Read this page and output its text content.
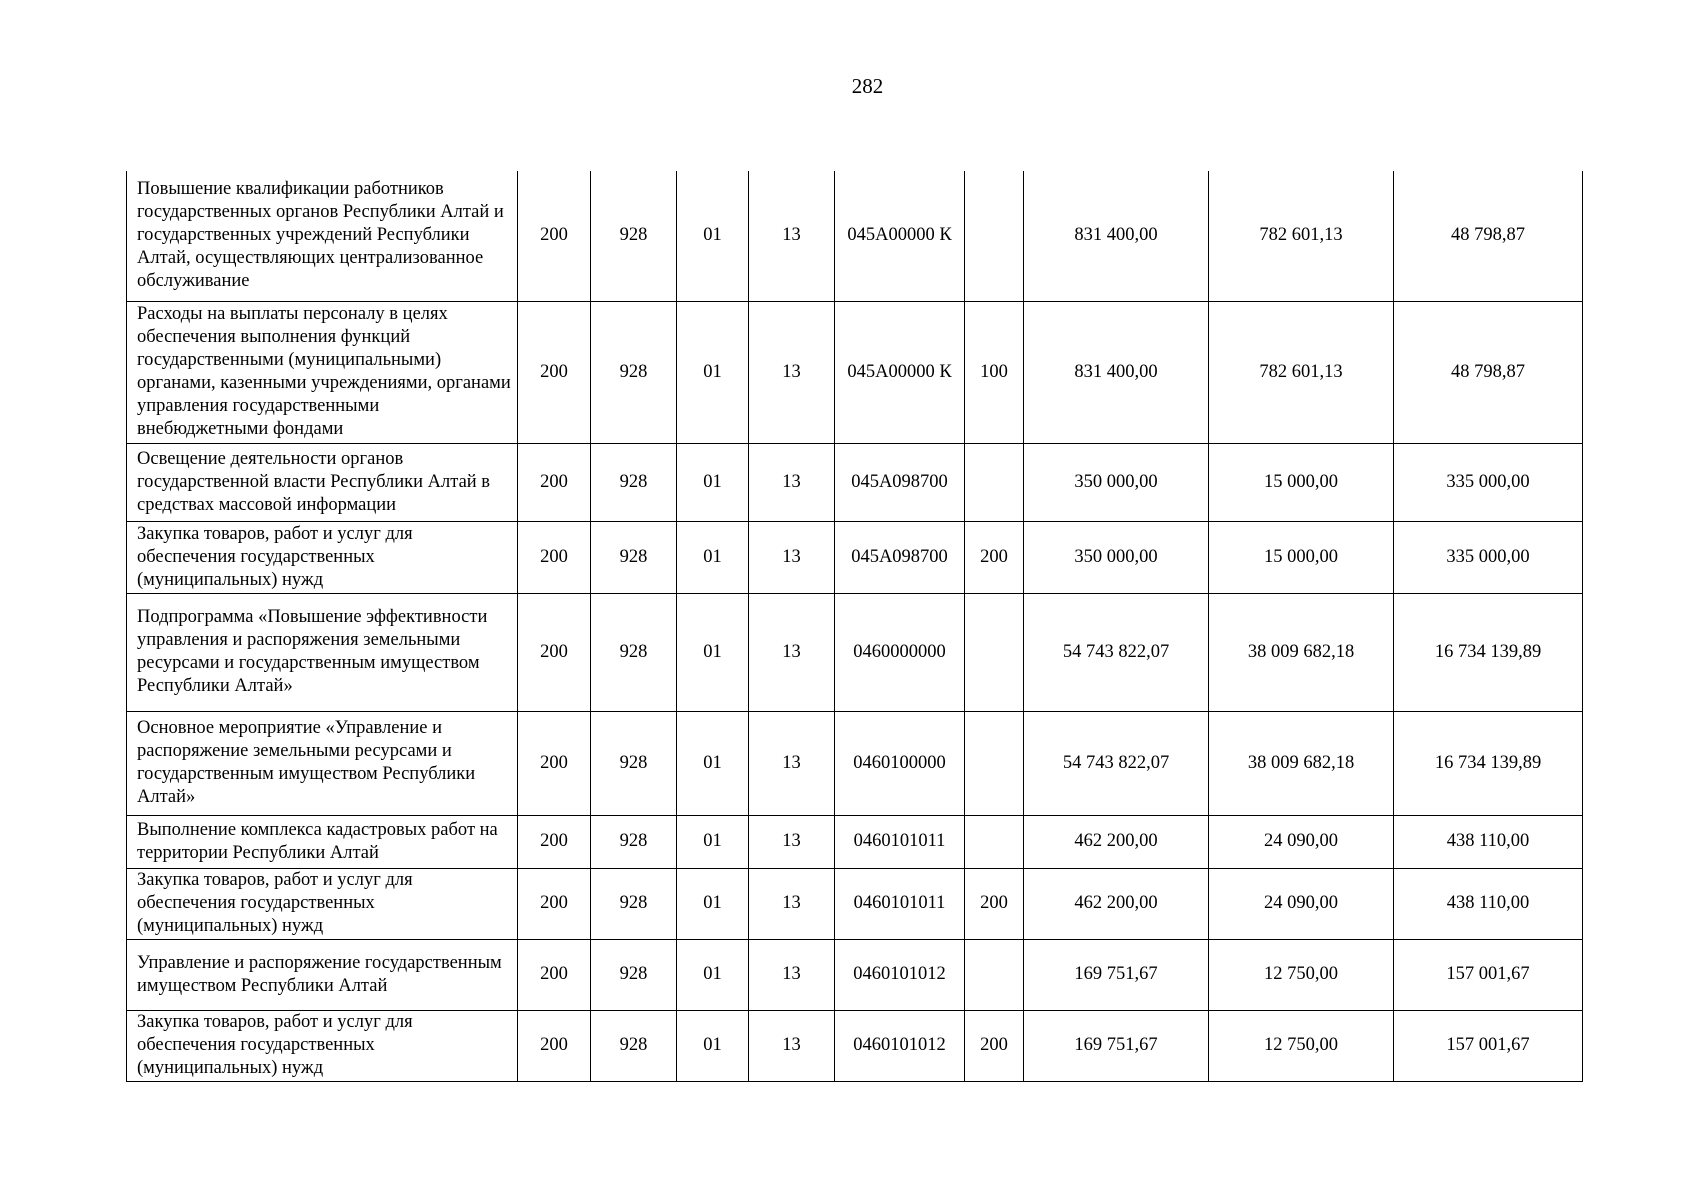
282
Повышение квалификации работников государственных органов Республики Алтай и государственных учреждений Республики Алтай, осуществляющих централизованное обслуживание	200	928	01	13	045А00000 К		831 400,00	782 601,13	48 798,87
Расходы на выплаты персоналу в целях обеспечения выполнения функций государственными (муниципальными) органами, казенными учреждениями, органами управления государственными внебюджетными фондами	200	928	01	13	045А00000 К	100	831 400,00	782 601,13	48 798,87
Освещение деятельности органов государственной власти Республики Алтай в средствах массовой информации	200	928	01	13	045А098700		350 000,00	15 000,00	335 000,00
Закупка товаров, работ и услуг для обеспечения государственных (муниципальных) нужд	200	928	01	13	045А098700	200	350 000,00	15 000,00	335 000,00
Подпрограмма «Повышение эффективности управления и распоряжения земельными ресурсами и государственным имуществом Республики Алтай»	200	928	01	13	0460000000		54 743 822,07	38 009 682,18	16 734 139,89
Основное мероприятие «Управление и распоряжение земельными ресурсами и государственным имуществом Республики Алтай»	200	928	01	13	0460100000		54 743 822,07	38 009 682,18	16 734 139,89
Выполнение комплекса кадастровых работ на территории Республики Алтай	200	928	01	13	0460101011		462 200,00	24 090,00	438 110,00
Закупка товаров, работ и услуг для обеспечения государственных (муниципальных) нужд	200	928	01	13	0460101011	200	462 200,00	24 090,00	438 110,00
Управление и распоряжение государственным имуществом Республики Алтай	200	928	01	13	0460101012		169 751,67	12 750,00	157 001,67
Закупка товаров, работ и услуг для обеспечения государственных (муниципальных) нужд	200	928	01	13	0460101012	200	169 751,67	12 750,00	157 001,67
